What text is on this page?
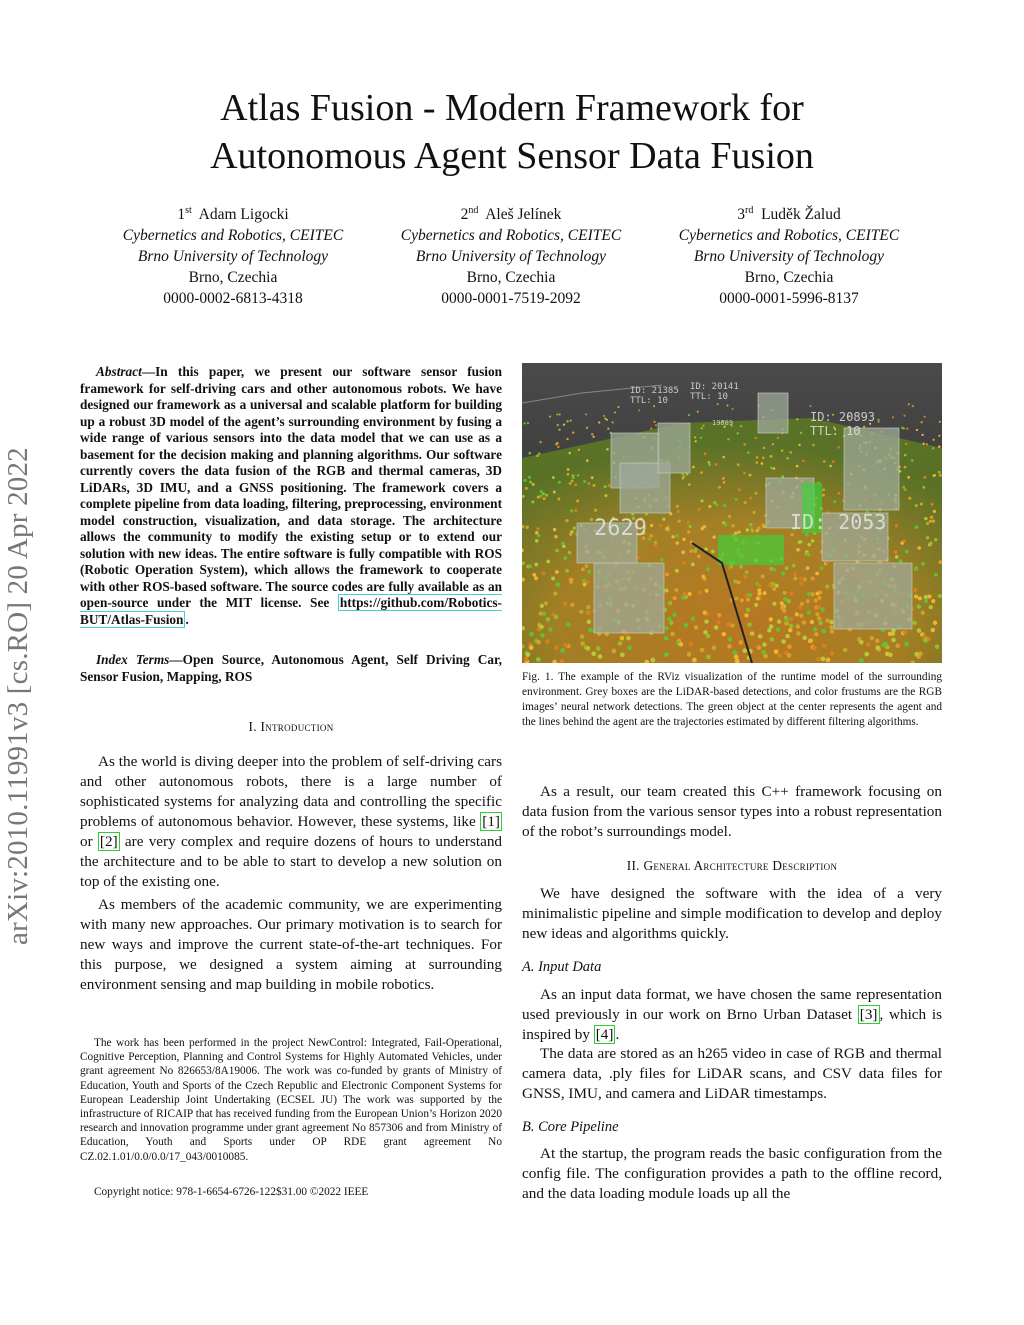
Atlas Fusion - Modern Framework for
Autonomous Agent Sensor Data Fusion
1st Adam Ligocki
Cybernetics and Robotics, CEITEC
Brno University of Technology
Brno, Czechia
0000-0002-6813-4318
2nd Aleš Jelínek
Cybernetics and Robotics, CEITEC
Brno University of Technology
Brno, Czechia
0000-0001-7519-2092
3rd Luděk Žalud
Cybernetics and Robotics, CEITEC
Brno University of Technology
Brno, Czechia
0000-0001-5996-8137
arXiv:2010.11991v3 [cs.RO] 20 Apr 2022
Abstract—In this paper, we present our software sensor fusion framework for self-driving cars and other autonomous robots. We have designed our framework as a universal and scalable platform for building up a robust 3D model of the agent’s surrounding environment by fusing a wide range of various sensors into the data model that we can use as a basement for the decision making and planning algorithms. Our software currently covers the data fusion of the RGB and thermal cameras, 3D LiDARs, 3D IMU, and a GNSS positioning. The framework covers a complete pipeline from data loading, filtering, preprocessing, environment model construction, visualization, and data storage. The architecture allows the community to modify the existing setup or to extend our solution with new ideas. The entire software is fully compatible with ROS (Robotic Operation System), which allows the framework to cooperate with other ROS-based software. The source codes are fully available as an open-source under the MIT license. See https://github.com/Robotics-BUT/Atlas-Fusion .
Index Terms—Open Source, Autonomous Agent, Self Driving Car, Sensor Fusion, Mapping, ROS
I. Introduction
As the world is diving deeper into the problem of self-driving cars and other autonomous robots, there is a large number of sophisticated systems for analyzing data and controlling the specific problems of autonomous behavior. However, these systems, like [1] or [2] are very complex and require dozens of hours to understand the architecture and to be able to start to develop a new solution on top of the existing one.
As members of the academic community, we are experimenting with many new approaches. Our primary motivation is to search for new ways and improve the current state-of-the-art techniques. For this purpose, we designed a system aiming at surrounding environment sensing and map building in mobile robotics.
The work has been performed in the project NewControl: Integrated, Fail-Operational, Cognitive Perception, Planning and Control Systems for Highly Automated Vehicles, under grant agreement No 826653/8A19006. The work was co-funded by grants of Ministry of Education, Youth and Sports of the Czech Republic and Electronic Component Systems for European Leadership Joint Undertaking (ECSEL JU) The work was supported by the infrastructure of RICAIP that has received funding from the European Union’s Horizon 2020 research and innovation programme under grant agreement No 857306 and from Ministry of Education, Youth and Sports under OP RDE grant agreement No CZ.02.1.01/0.0/0.0/17_043/0010085.
Copyright notice: 978-1-6654-6726-122$31.00 ©2022 IEEE
ID: 21385
TTL: 10
ID: 20141
TTL: 10
ID: 20893
TTL: 10
19689
ID: 2053
2629
Fig. 1. The example of the RViz visualization of the runtime model of the surrounding environment. Grey boxes are the LiDAR-based detections, and color frustums are the RGB images’ neural network detections. The green object at the center represents the agent and the lines behind the agent are the trajectories estimated by different filtering algorithms.
As a result, our team created this C++ framework focusing on data fusion from the various sensor types into a robust representation of the robot’s surroundings model.
II. General Architecture Description
We have designed the software with the idea of a very minimalistic pipeline and simple modification to develop and deploy new ideas and algorithms quickly.
A. Input Data
As an input data format, we have chosen the same representation used previously in our work on Brno Urban Dataset [3] , which is inspired by [4] .
The data are stored as an h265 video in case of RGB and thermal camera data, .ply files for LiDAR scans, and CSV data files for GNSS, IMU, and camera and LiDAR timestamps.
B. Core Pipeline
At the startup, the program reads the basic configuration from the config file. The configuration provides a path to the offline record, and the data loading module loads up all the
